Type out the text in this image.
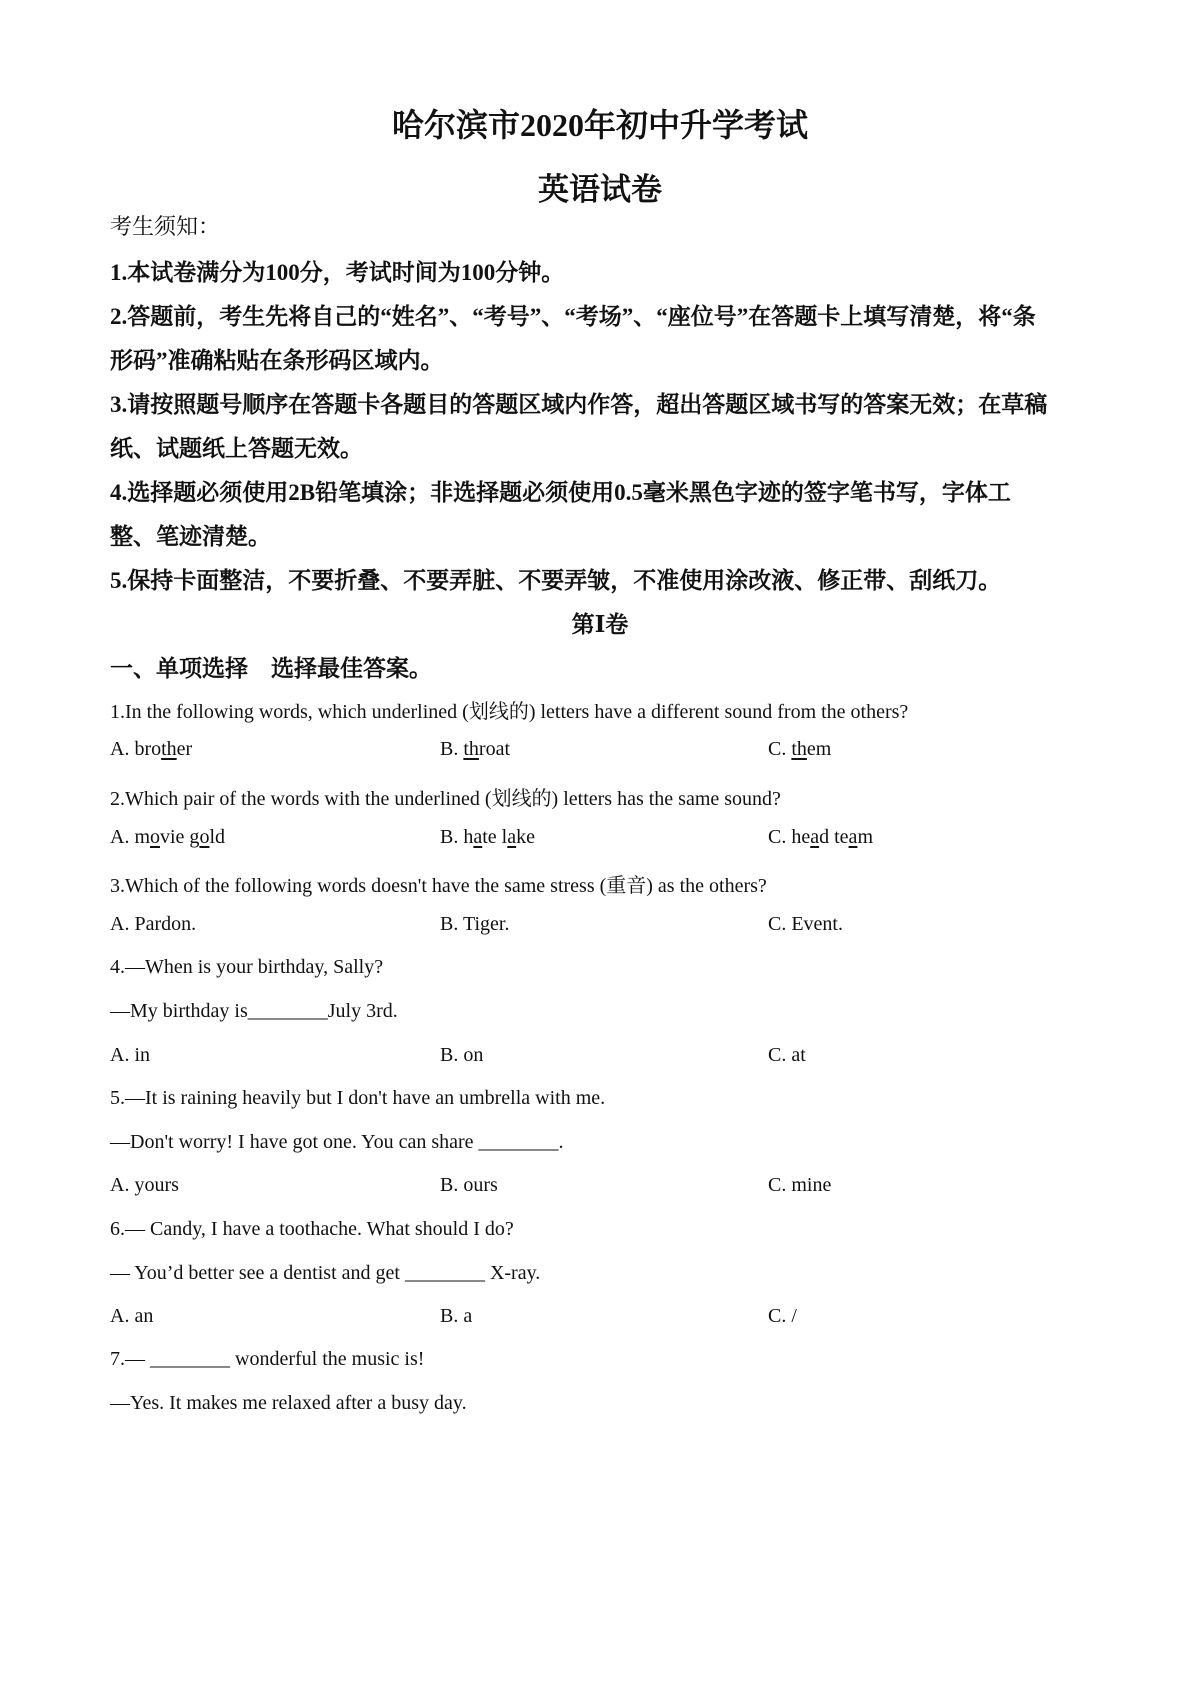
哈尔滨市2020年初中升学考试
英语试卷
考生须知：
1.本试卷满分为100分，考试时间为100分钟。
2.答题前，考生先将自己的“姓名”、“考号”、“考场”、“座位号”在答题卡上填写清楚，将“条
形码”准确粘贴在条形码区域内。
3.请按照题号顺序在答题卡各题目的答题区域内作答，超出答题区域书写的答案无效；在草稿
纸、试题纸上答题无效。
4.选择题必须使用2B铅笔填涂；非选择题必须使用0.5毫米黑色字迹的签字笔书写，字体工
整、笔迹清楚。
5.保持卡面整洁，不要折叠、不要弄脏、不要弄皱，不准使用涂改液、修正带、刮纸刀。
第Ⅰ卷
一、单项选择　选择最佳答案。
1.In the following words, which underlined (划线的) letters have a different sound from the others?
A. brother	B. throat	C. them
2.Which pair of the words with the underlined (划线的) letters has the same sound?
A. movie gold	B. hate lake	C. head team
3.Which of the following words doesn't have the same stress (重音) as the others?
A. Pardon.	B. Tiger.	C. Event.
4.—When is your birthday, Sally?
—My birthday is________July 3rd.
A. in	B. on	C. at
5.—It is raining heavily but I don't have an umbrella with me.
—Don't worry! I have got one. You can share ________.
A. yours	B. ours	C. mine
6.— Candy, I have a toothache. What should I do?
— You’d better see a dentist and get ________ X-ray.
A. an	B. a	C. /
7.— ________ wonderful the music is!
—Yes. It makes me relaxed after a busy day.
